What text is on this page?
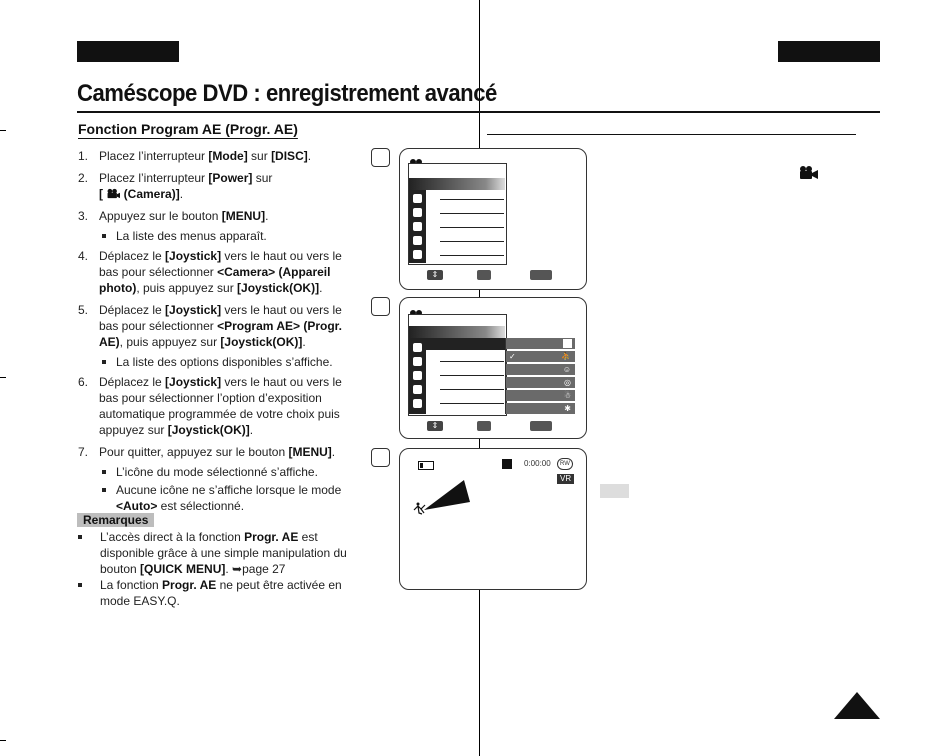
Caméscope DVD : enregistrement avancé
Fonction Program AE (Progr. AE)
1. Placez l’interrupteur [Mode] sur [DISC].
2. Placez l’interrupteur [Power] sur
[  (Camera)].
3. Appuyez sur le bouton [MENU].
La liste des menus apparaît.
4. Déplacez le [Joystick] vers le haut ou vers le bas pour sélectionner <Camera> (Appareil photo), puis appuyez sur [Joystick(OK)].
5. Déplacez le [Joystick] vers le haut ou vers le bas pour sélectionner <Program AE> (Progr. AE), puis appuyez sur [Joystick(OK)].
La liste des options disponibles s’affiche.
6. Déplacez le [Joystick] vers le haut ou vers le bas pour sélectionner l’option d’exposition automatique programmée de votre choix puis appuyez sur [Joystick(OK)].
7. Pour quitter, appuyez sur le bouton [MENU].
L’icône du mode sélectionné s’affiche.
Aucune icône ne s’affiche lorsque le mode <Auto> est sélectionné.
Remarques
L’accès direct à la fonction Progr. AE est disponible grâce à une simple manipulation du bouton [QUICK MENU]. ➥page 27
La fonction Progr. AE ne peut être activée en mode EASY.Q.
⇕
✓	⛹
☺
◎
☃
✱
⇕
0:00:00	RW
VR
